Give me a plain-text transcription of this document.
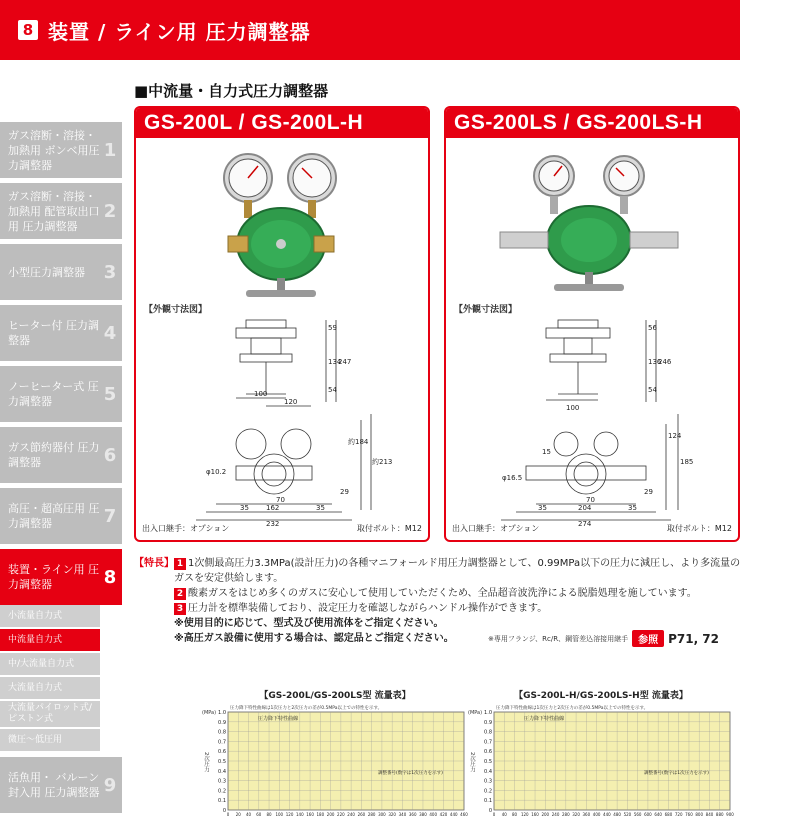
8 装置 / ライン用 圧力調整器
ガス溶断・溶接・加熱用 ボンベ用圧力調整器
1
ガス溶断・溶接・加熱用 配管取出口用 圧力調整器
2
小型圧力調整器	3
ヒーター付 圧力調整器	4
ノーヒーター式 圧力調整器	5
ガス節約器付 圧力調整器	6
高圧・超高圧用 圧力調整器	7
装置・ライン用 圧力調整器	8
小流量自力式
中流量自力式
中/大流量自力式
大流量自力式
大流量パイロット式/ ピストン式
微圧～低圧用
活魚用・ バルーン封入用 圧力調整器 9
■中流量・自力式圧力調整器
GS-200L / GS-200L-H
【外観寸法図】
59
134
247
54
100
120
約184
約213
φ10.2
70
162
232
35	35
29
出入口継手：オプション	取付ボルト：M12
GS-200LS / GS-200LS-H
【外観寸法図】
56
136
246
54
100
124
185
15
φ16.5
70
204
274
35	35
29
出入口継手：オプション	取付ボルト：M12
【特長】 1 1次側最高圧力3.3MPa(設計圧力)の各種マニフォールド用圧力調整器として、0.99MPa以下の圧力に減圧し、より多流量のガスを安定供給します。
2 酸素ガスをはじめ多くのガスに安心して使用していただくため、全品超音波洗浄による脱脂処理を施しています。
3 圧力計を標準装備しており、設定圧力を確認しながらハンドル操作ができます。
※使用目的に応じて、型式及び使用流体をご指定ください。
※高圧ガス設備に使用する場合は、認定品とご指定ください。	※専用フランジ、Rc/R、鋼管差込溶接用継手	参照 P71, 72
【GS-200L/GS-200LS型 流量表】
圧力降下特性曲線は1次圧力と2次圧力の差が0.5MPa以上での特性を示す。
(MPa)
2次圧力
1.0
0.9
0.8
0.7
0.6
0.5
0.4
0.3
0.2
0.1
0
0 20 40 60 80 100 120 140 160 180 200 220 240 260 280 300 320 340 360 380 400 420 440 460
圧力降下特性曲線
調整番号(数字は1次圧力を示す)
【GS-200L-H/GS-200LS-H型 流量表】
圧力降下特性曲線は1次圧力と2次圧力の差が0.5MPa以上での特性を示す。
(MPa)
2次圧力
1.0
0.9
0.8
0.7
0.6
0.5
0.4
0.3
0.2
0.1
0
0 40 80 120 160 200 240 280 320 360 400 440 480 520 560 600 640 680 720 760 800 840 880 900
圧力降下特性曲線
調整番号(数字は1次圧力を示す)
